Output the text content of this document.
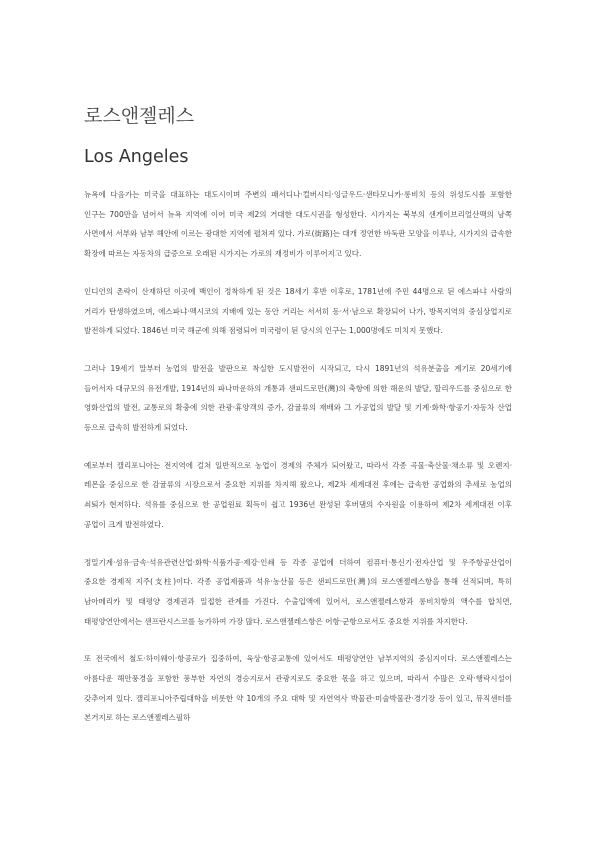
로스앤젤레스
Los Angeles

뉴욕에 다음가는 미국을 대표하는 대도시이며 주변의 패서디나·컬버시티·잉글우드·샌타모니카·롱비치 등의 위성도시를 포함한 인구는 700만을 넘어서 뉴욕 지역에 이어 미국 제2의 거대한 대도시권을 형성한다. 시가지는 북부의 샌게이브리얼산맥의 남쪽 사면에서 서부와 남부 해안에 이르는 광대한 지역에 펼쳐져 있다. 가로(街路)는 대개 정연한 바둑판 모양을 이루나, 시가지의 급속한 확장에 따르는 자동차의 급증으로 오래된 시가지는 가로의 재정비가 이루어지고 있다.

인디언의 촌락이 산재하던 이곳에 백인이 정착하게 된 것은 18세기 후반 이후로, 1781년에 주민 44명으로 된 에스파냐 사람의 거리가 탄생하였으며, 에스파냐·멕시코의 지배에 있는 동안 거리는 서서히 동·서·남으로 확장되어 나가, 방목지역의 중심상업지로 발전하게 되었다. 1846년 미국 해군에 의해 점령되어 미국령이 된 당시의 인구는 1,000명에도 미치지 못했다.

그러나 19세기 말부터 농업의 발전을 발판으로 착실한 도시발전이 시작되고, 다시 1891년의 석유분출을 계기로 20세기에 들어서자 대규모의 유전개발, 1914년의 파나마운하의 개통과 샌피드로만(灣)의 축항에 의한 해운의 발달, 할리우드를 중심으로 한 영화산업의 발전, 교통로의 확충에 의한 관광·휴양객의 증가, 감귤류의 재배와 그 가공업의 발달 및 기계·화학·항공기·자동차 산업 등으로 급속히 발전하게 되었다.

예로부터 캘리포니아는 전지역에 걸쳐 일반적으로 농업이 경제의 주체가 되어왔고, 따라서 각종 곡물·축산물·채소류 및 오렌지·레몬을 중심으로 한 감귤류의 시장으로서 중요한 지위를 차지해 왔으나, 제2차 세계대전 후에는 급속한 공업화의 추세로 농업의 쇠퇴가 현저하다. 석유를 중심으로 한 공업원료 획득이 쉽고 1936년 완성된 후버댐의 수자원을 이용하여 제2차 세계대전 이후 공업이 크게 발전하였다.

정밀기계·섬유·금속·석유관련산업·화학·식품가공·제강·인쇄 등 각종 공업에 더하여 컴퓨터·통신기·전자산업 및 우주항공산업이 중요한 경제적 지주(支柱)이다. 각종 공업제품과 석유·농산물 등은 샌피드로만(灣)의 로스앤젤레스항을 통해 선적되며, 특히 남아메리카 및 태평양 경제권과 밀접한 관계를 가진다. 수출입액에 있어서, 로스앤젤레스항과 롱비치항의 액수를 합치면, 태평양연안에서는 샌프란시스코를 능가하여 가장 많다. 로스앤젤레스항은 어항·군항으로서도 중요한 지위를 차지한다.

또 전국에서 철도·하이웨이·항공로가 집중하여, 육상·항공교통에 있어서도 태평양연안 남부지역의 중심지이다. 로스앤젤레스는 아름다운 해안풍경을 포함한 풍부한 자연의 경승지로서 관광지로도 중요한 몫을 하고 있으며, 따라서 수많은 오락·행락시설이 갖추어져 있다. 캘리포니아주립대학을 비롯한 약 10개의 주요 대학 및 자연역사 박물관·미술박물관·경기장 등이 있고, 뮤직센터를 본거지로 하는 로스앤젤레스필하
